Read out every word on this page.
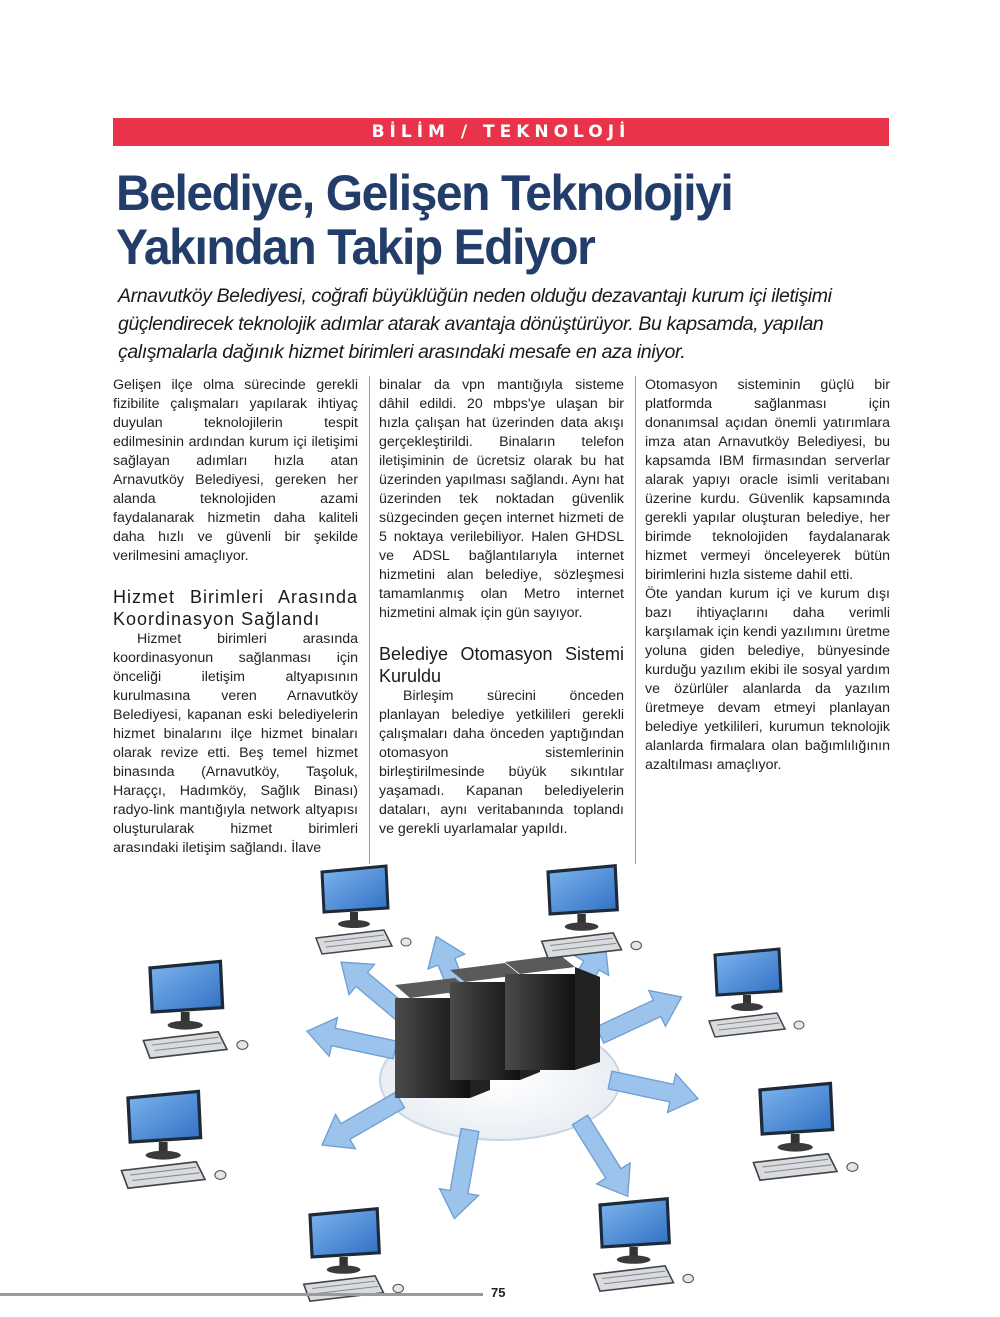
BİLİM / TEKNOLOJİ
Belediye, Gelişen Teknolojiyi Yakından Takip Ediyor

Arnavutköy Belediyesi, coğrafi büyüklüğün neden olduğu dezavantajı kurum içi iletişimi güçlendirecek teknolojik adımlar atarak avantaja dönüştürüyor. Bu kapsamda, yapılan çalışmalarla dağınık hizmet birimleri arasındaki mesafe en aza iniyor.

Gelişen ilçe olma sürecinde gerekli fizibilite çalışmaları yapılarak ihtiyaç duyulan teknolojilerin tespit edilmesinin ardından kurum içi iletişimi sağlayan adımları hızla atan Arnavutköy Belediyesi, gereken her alanda teknolojiden azami faydalanarak hizmetin daha kaliteli daha hızlı ve güvenli bir şekilde verilmesini amaçlıyor.

Hizmet Birimleri Arasında Koordinasyon Sağlandı

Hizmet birimleri arasında koordinasyonun sağlanması için önceliği iletişim altyapısının kurulmasına veren Arnavutköy Belediyesi, kapanan eski belediyelerin hizmet binalarını ilçe hizmet binaları olarak revize etti. Beş temel hizmet binasında (Arnavutköy, Taşoluk, Haraççı, Hadımköy, Sağlık Binası) radyo-link mantığıyla network altyapısı oluşturularak hizmet birimleri arasındaki iletişim sağlandı. İlave

binalar da vpn mantığıyla sisteme dâhil edildi. 20 mbps'ye ulaşan bir hızla çalışan hat üzerinden data akışı gerçekleştirildi. Binaların telefon iletişiminin de ücretsiz olarak bu hat üzerinden yapılması sağlandı. Aynı hat üzerinden tek noktadan güvenlik süzgecinden geçen internet hizmeti de 5 noktaya verilebiliyor. Halen GHDSL ve ADSL bağlantılarıyla internet hizmetini alan belediye, sözleşmesi tamamlanmış olan Metro internet hizmetini almak için gün sayıyor.

Belediye Otomasyon Sistemi Kuruldu

Birleşim sürecini önceden planlayan belediye yetkilileri gerekli çalışmaları daha önceden yaptığından otomasyon sistemlerinin birleştirilmesinde büyük sıkıntılar yaşamadı. Kapanan belediyelerin dataları, aynı veritabanında toplandı ve gerekli uyarlamalar yapıldı.

Otomasyon sisteminin güçlü bir platformda sağlanması için donanımsal açıdan önemli yatırımlara imza atan Arnavutköy Belediyesi, bu kapsamda IBM firmasından serverlar alarak yapıyı oracle isimli veritabanı üzerine kurdu. Güvenlik kapsamında gerekli yapılar oluşturan belediye, her birimde teknolojiden faydalanarak hizmet vermeyi önceleyerek bütün birimlerini hızla sisteme dahil etti.

Öte yandan kurum içi ve kurum dışı bazı ihtiyaçlarını daha verimli karşılamak için kendi yazılımını üretme yoluna giden belediye, bünyesinde kurduğu yazılım ekibi ile sosyal yardım ve özürlüler alanlarda da yazılım üretmeye devam etmeyi planlayan belediye yetkilileri, kurumun teknolojik alanlarda firmalara olan bağımlılığının azaltılması amaçlıyor.

75
